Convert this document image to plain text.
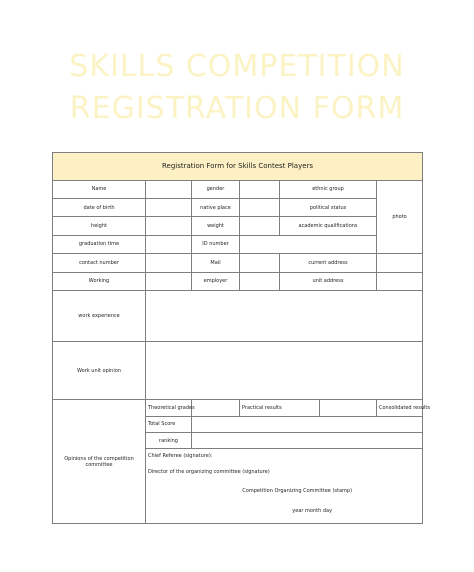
SKILLS COMPETITION
REGISTRATION FORM
Registration Form for Skills Contest Players						
Name		gender		ethnic group		photo
date of birth		native place		political status		
height		weight		academic qualifications		
graduation time		ID number				
contact number		Mail		current address		
Working		employer		unit address		
work experience						
Work unit opinion						
Opinions of the competition committee	Theoretical grades		Practical results			Consolidated results
	Total Score					
	ranking					
	Chief Referee (signature):					
	Director of the organizing committee (signature)					
	Competition Organizing Committee (stamp)					
	year month day					
